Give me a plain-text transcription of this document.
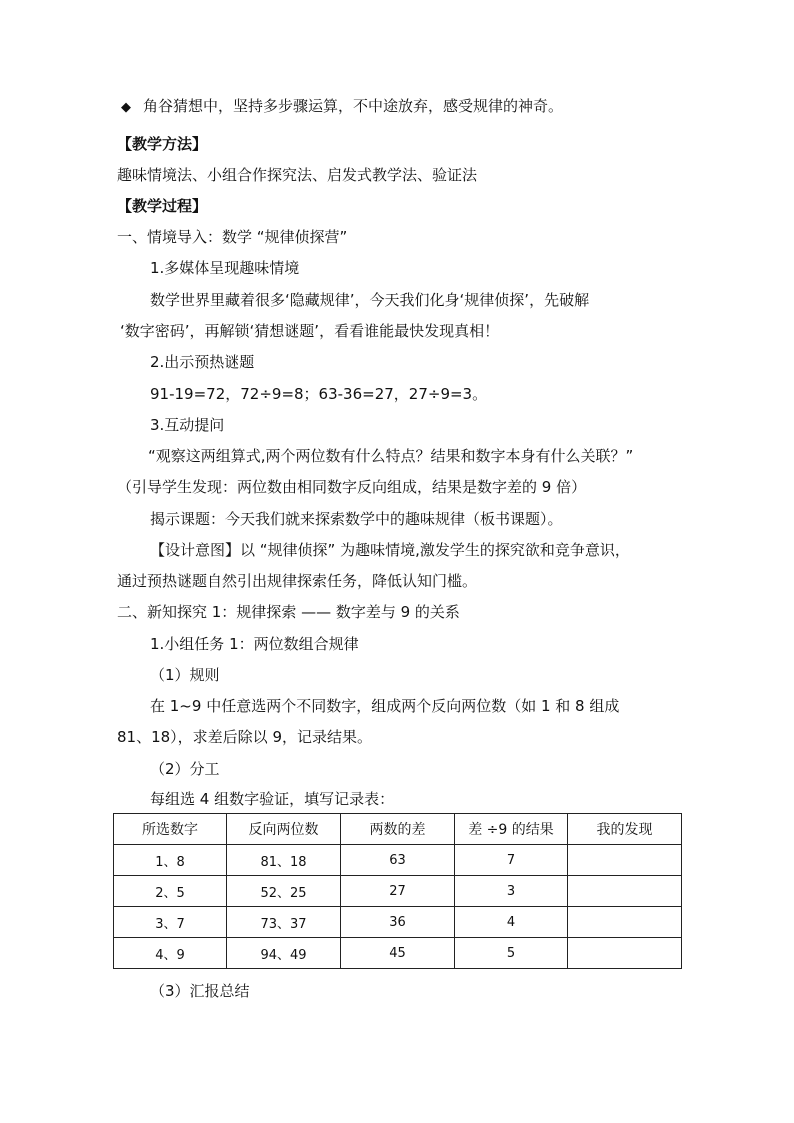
◆ 角谷猜想中，坚持多步骤运算，不中途放弃，感受规律的神奇。
【教学方法】
趣味情境法、小组合作探究法、启发式教学法、验证法
【教学过程】
一、情境导入：数学 “规律侦探营”
1.多媒体呈现趣味情境
数学世界里藏着很多‘隐藏规律’，今天我们化身‘规律侦探’，先破解
‘数字密码’，再解锁‘猜想谜题’，看看谁能最快发现真相！
2.出示预热谜题
91-19=72，72÷9=8；63-36=27，27÷9=3。
3.互动提问
“观察这两组算式,两个两位数有什么特点？结果和数字本身有什么关联？”
（引导学生发现：两位数由相同数字反向组成，结果是数字差的 9 倍）
揭示课题：今天我们就来探索数学中的趣味规律（板书课题）。
【设计意图】以 “规律侦探” 为趣味情境,激发学生的探究欲和竞争意识，
通过预热谜题自然引出规律探索任务，降低认知门槛。
二、新知探究 1：规律探索 —— 数字差与 9 的关系
1.小组任务 1：两位数组合规律
（1）规则
在 1~9 中任意选两个不同数字，组成两个反向两位数（如 1 和 8 组成
81、18），求差后除以 9，记录结果。
（2）分工
每组选 4 组数字验证，填写记录表：
所选数字	反向两位数	两数的差	差 ÷9 的结果	我的发现
1、8	81、18	63	7	
2、5	52、25	27	3	
3、7	73、37	36	4	
4、9	94、49	45	5	
（3）汇报总结
